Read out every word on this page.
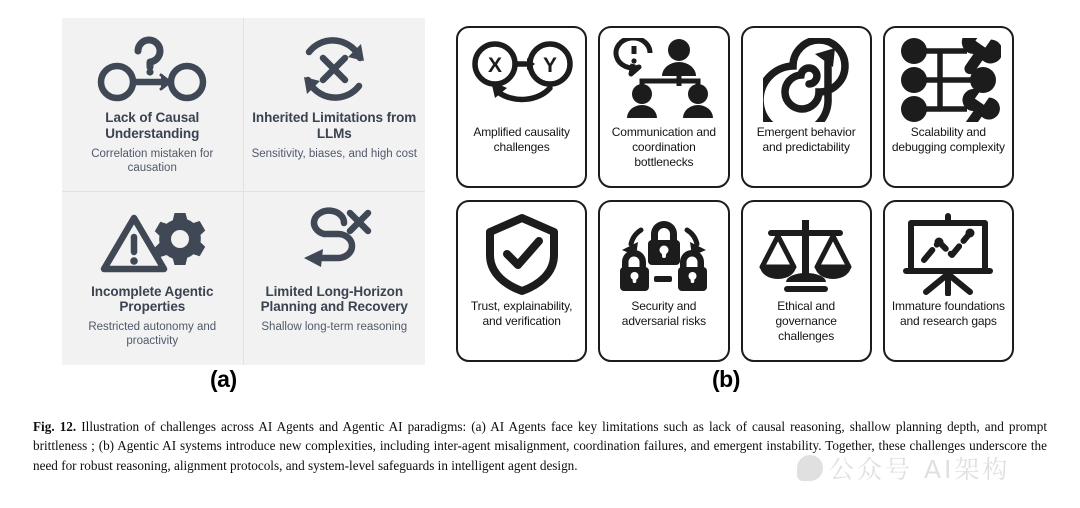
Lack of Causal Understanding
Correlation mistaken for causation
Inherited Limitations from LLMs
Sensitivity, biases, and high cost
Incomplete Agentic Properties
Restricted autonomy and proactivity
Limited Long-Horizon Planning and Recovery
Shallow long-term reasoning
(a)
X Y
Amplified causality challenges
Communication and coordination bottlenecks
Emergent behavior and predictability
Scalability and debugging complexity
Trust, explainability, and verification
Security and adversarial risks
Ethical and governance challenges
Immature foundations and research gaps
(b)
Fig. 12. Illustration of challenges across AI Agents and Agentic AI paradigms: (a) AI Agents face key limitations such as lack of causal reasoning, shallow planning depth, and prompt brittleness ; (b) Agentic AI systems introduce new complexities, including inter-agent misalignment, coordination failures, and emergent instability. Together, these challenges underscore the need for robust reasoning, alignment protocols, and system-level safeguards in intelligent agent design.	公众号 AI架构
